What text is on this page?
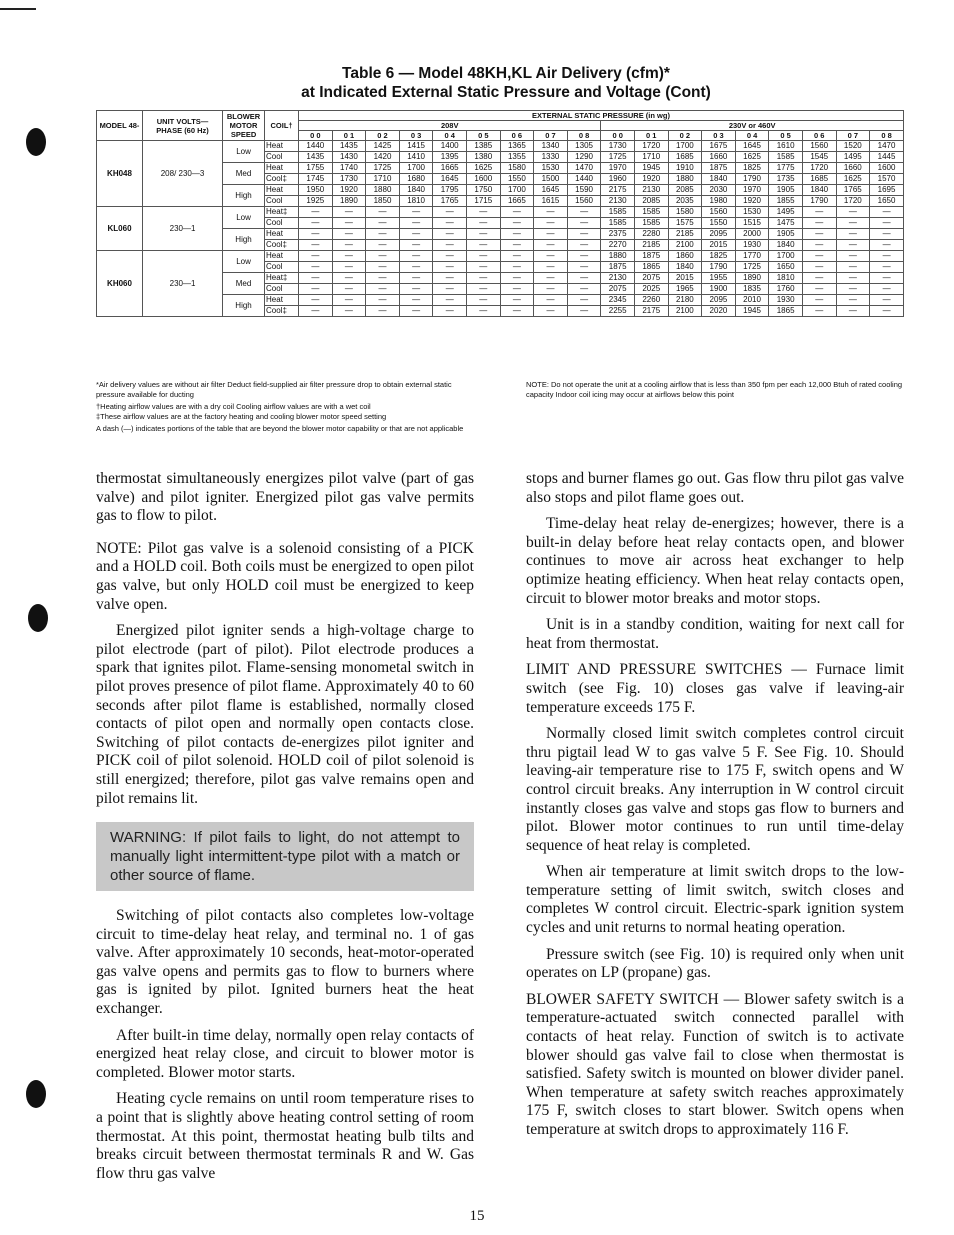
Table 6 — Model 48KH,KL Air Delivery (cfm)*
at Indicated External Static Pressure and Voltage (Cont)
MODEL 48-	UNIT VOLTS— PHASE (60 Hz)	BLOWER MOTOR SPEED	COIL†	EXTERNAL STATIC PRESSURE (in wg)																	
				208V									230V or 460V								
				0 0	0 1	0 2	0 3	0 4	0 5	0 6	0 7	0 8	0 0	0 1	0 2	0 3	0 4	0 5	0 6	0 7	0 8
KH048	208/ 230—3	Low	Heat	1440	1435	1425	1415	1400	1385	1365	1340	1305	1730	1720	1700	1675	1645	1610	1560	1520	1470
			Cool	1435	1430	1420	1410	1395	1380	1355	1330	1290	1725	1710	1685	1660	1625	1585	1545	1495	1445
		Med	Heat	1755	1740	1725	1700	1665	1625	1580	1530	1470	1970	1945	1910	1875	1825	1775	1720	1660	1600
			Cool‡	1745	1730	1710	1680	1645	1600	1550	1500	1440	1960	1920	1880	1840	1790	1735	1685	1625	1570
		High	Heat	1950	1920	1880	1840	1795	1750	1700	1645	1590	2175	2130	2085	2030	1970	1905	1840	1765	1695
			Cool	1925	1890	1850	1810	1765	1715	1665	1615	1560	2130	2085	2035	1980	1920	1855	1790	1720	1650
KL060	230—1	Low	Heat‡	—	—	—	—	—	—	—	—	—	1585	1585	1580	1560	1530	1495	—	—	—
			Cool	—	—	—	—	—	—	—	—	—	1585	1585	1575	1550	1515	1475	—	—	—
		High	Heat	—	—	—	—	—	—	—	—	—	2375	2280	2185	2095	2000	1905	—	—	—
			Cool‡	—	—	—	—	—	—	—	—	—	2270	2185	2100	2015	1930	1840	—	—	—
KH060	230—1	Low	Heat	—	—	—	—	—	—	—	—	—	1880	1875	1860	1825	1770	1700	—	—	—
			Cool	—	—	—	—	—	—	—	—	—	1875	1865	1840	1790	1725	1650	—	—	—
		Med	Heat‡	—	—	—	—	—	—	—	—	—	2130	2075	2015	1955	1890	1810	—	—	—
			Cool	—	—	—	—	—	—	—	—	—	2075	2025	1965	1900	1835	1760	—	—	—
		High	Heat	—	—	—	—	—	—	—	—	—	2345	2260	2180	2095	2010	1930	—	—	—
			Cool‡	—	—	—	—	—	—	—	—	—	2255	2175	2100	2020	1945	1865	—	—	—

*Air delivery values are without air filter Deduct field-supplied air filter pressure drop to obtain external static pressure available for ducting

†Heating airflow values are with a dry coil Cooling airflow values are with a wet coil

‡These airflow values are at the factory heating and cooling blower motor speed setting

A dash (—) indicates portions of the table that are beyond the blower motor capability or that are not applicable

NOTE: Do not operate the unit at a cooling airflow that is less than 350 fpm per each 12,000 Btuh of rated cooling capacity Indoor coil icing may occur at airflows below this point

thermostat simultaneously energizes pilot valve (part of gas valve) and pilot igniter. Energized pilot gas valve permits gas to flow to pilot.

NOTE: Pilot gas valve is a solenoid consisting of a PICK and a HOLD coil. Both coils must be energized to open pilot gas valve, but only HOLD coil must be energized to keep valve open.

Energized pilot igniter sends a high-voltage charge to pilot electrode (part of pilot). Pilot electrode produces a spark that ignites pilot. Flame-sensing monometal switch in pilot proves presence of pilot flame. Approximately 40 to 60 seconds after pilot flame is established, normally closed contacts of pilot open and normally open contacts close. Switching of pilot contacts de-energizes pilot igniter and PICK coil of pilot solenoid. HOLD coil of pilot solenoid is still energized; therefore, pilot gas valve remains open and pilot remains lit.

WARNING: If pilot fails to light, do not attempt to manually light intermittent-type pilot with a match or other source of flame.

Switching of pilot contacts also completes low-voltage circuit to time-delay heat relay, and terminal no. 1 of gas valve. After approximately 10 seconds, heat-motor-operated gas valve opens and permits gas to flow to burners where gas is ignited by pilot. Ignited burners heat the heat exchanger.

After built-in time delay, normally open relay contacts of energized heat relay close, and circuit to blower motor is completed. Blower motor starts.

Heating cycle remains on until room temperature rises to a point that is slightly above heating control setting of room thermostat. At this point, thermostat heating bulb tilts and breaks circuit between thermostat terminals R and W. Gas flow thru gas valve

stops and burner flames go out. Gas flow thru pilot gas valve also stops and pilot flame goes out.

Time-delay heat relay de-energizes; however, there is a built-in delay before heat relay contacts open, and blower continues to move air across heat exchanger to help optimize heating efficiency. When heat relay contacts open, circuit to blower motor breaks and motor stops.

Unit is in a standby condition, waiting for next call for heat from thermostat.

LIMIT AND PRESSURE SWITCHES — Furnace limit switch (see Fig. 10) closes gas valve if leaving-air temperature exceeds 175 F.

Normally closed limit switch completes control circuit thru pigtail lead W to gas valve 5 F. See Fig. 10. Should leaving-air temperature rise to 175 F, switch opens and W control circuit breaks. Any interruption in W control circuit instantly closes gas valve and stops gas flow to burners and pilot. Blower motor continues to run until time-delay sequence of heat relay is completed.

When air temperature at limit switch drops to the low-temperature setting of limit switch, switch closes and completes W control circuit. Electric-spark ignition system cycles and unit returns to normal heating operation.

Pressure switch (see Fig. 10) is required only when unit operates on LP (propane) gas.

BLOWER SAFETY SWITCH — Blower safety switch is a temperature-actuated switch connected parallel with contacts of heat relay. Function of switch is to activate blower should gas valve fail to close when thermostat is satisfied. Safety switch is mounted on blower divider panel. When temperature at safety switch reaches approximately 175 F, switch closes to start blower. Switch opens when temperature at switch drops to approximately 116 F.

15
